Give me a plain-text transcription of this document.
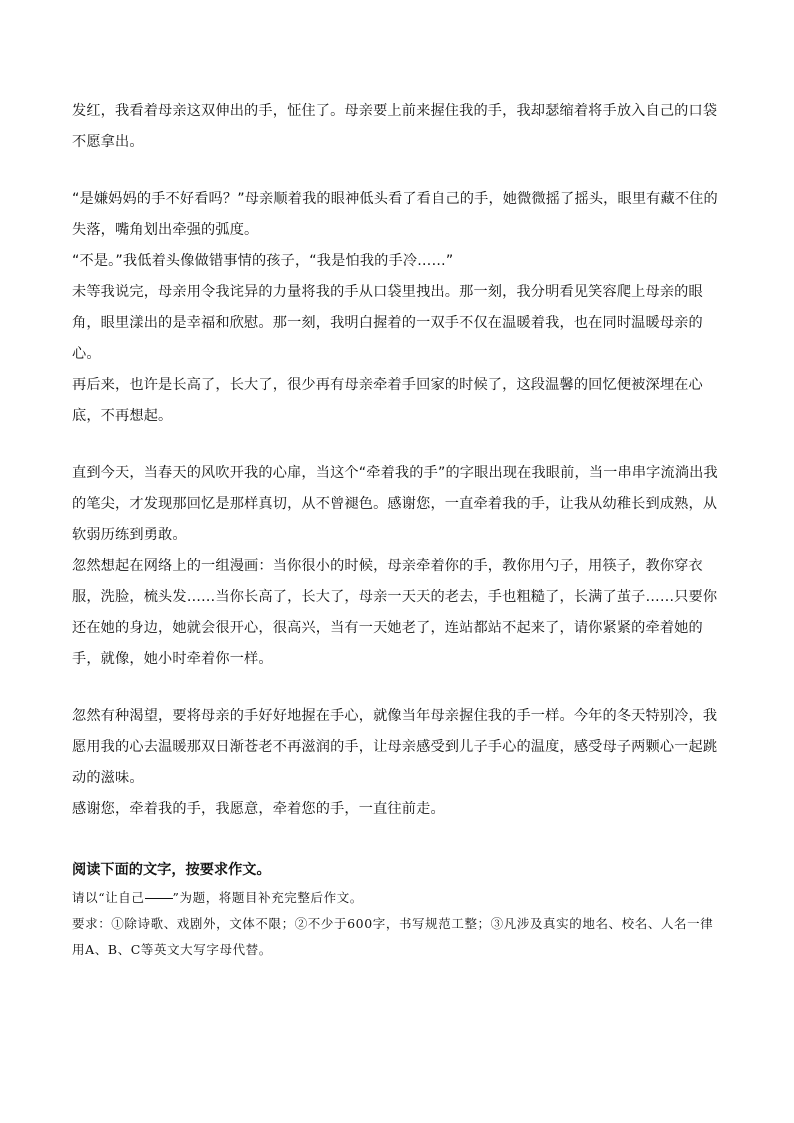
发红，我看着母亲这双伸出的手，怔住了。母亲要上前来握住我的手，我却瑟缩着将手放入自己的口袋不愿拿出。

“是嫌妈妈的手不好看吗？”母亲顺着我的眼神低头看了看自己的手，她微微摇了摇头，眼里有藏不住的失落，嘴角划出牵强的弧度。

“不是。”我低着头像做错事情的孩子，“我是怕我的手冷……”

未等我说完，母亲用令我诧异的力量将我的手从口袋里拽出。那一刻，我分明看见笑容爬上母亲的眼角，眼里漾出的是幸福和欣慰。那一刻，我明白握着的一双手不仅在温暖着我，也在同时温暖母亲的心。

再后来，也许是长高了，长大了，很少再有母亲牵着手回家的时候了，这段温馨的回忆便被深埋在心底，不再想起。

直到今天，当春天的风吹开我的心扉，当这个“牵着我的手”的字眼出现在我眼前，当一串串字流淌出我的笔尖，才发现那回忆是那样真切，从不曾褪色。感谢您，一直牵着我的手，让我从幼稚长到成熟，从软弱历练到勇敢。

忽然想起在网络上的一组漫画：当你很小的时候，母亲牵着你的手，教你用勺子，用筷子，教你穿衣服，洗脸，梳头发……当你长高了，长大了，母亲一天天的老去，手也粗糙了，长满了茧子……只要你还在她的身边，她就会很开心，很高兴，当有一天她老了，连站都站不起来了，请你紧紧的牵着她的手，就像，她小时牵着你一样。

忽然有种渴望，要将母亲的手好好地握在手心，就像当年母亲握住我的手一样。今年的冬天特别冷，我愿用我的心去温暖那双日渐苍老不再滋润的手，让母亲感受到儿子手心的温度，感受母子两颗心一起跳动的滋味。

感谢您，牵着我的手，我愿意，牵着您的手，一直往前走。

阅读下面的文字，按要求作文。

请以“让自己 ”为题，将题目补充完整后作文。

要求：①除诗歌、戏剧外，文体不限；②不少于600字，书写规范工整；③凡涉及真实的地名、校名、人名一律用A、B、C等英文大写字母代替。
